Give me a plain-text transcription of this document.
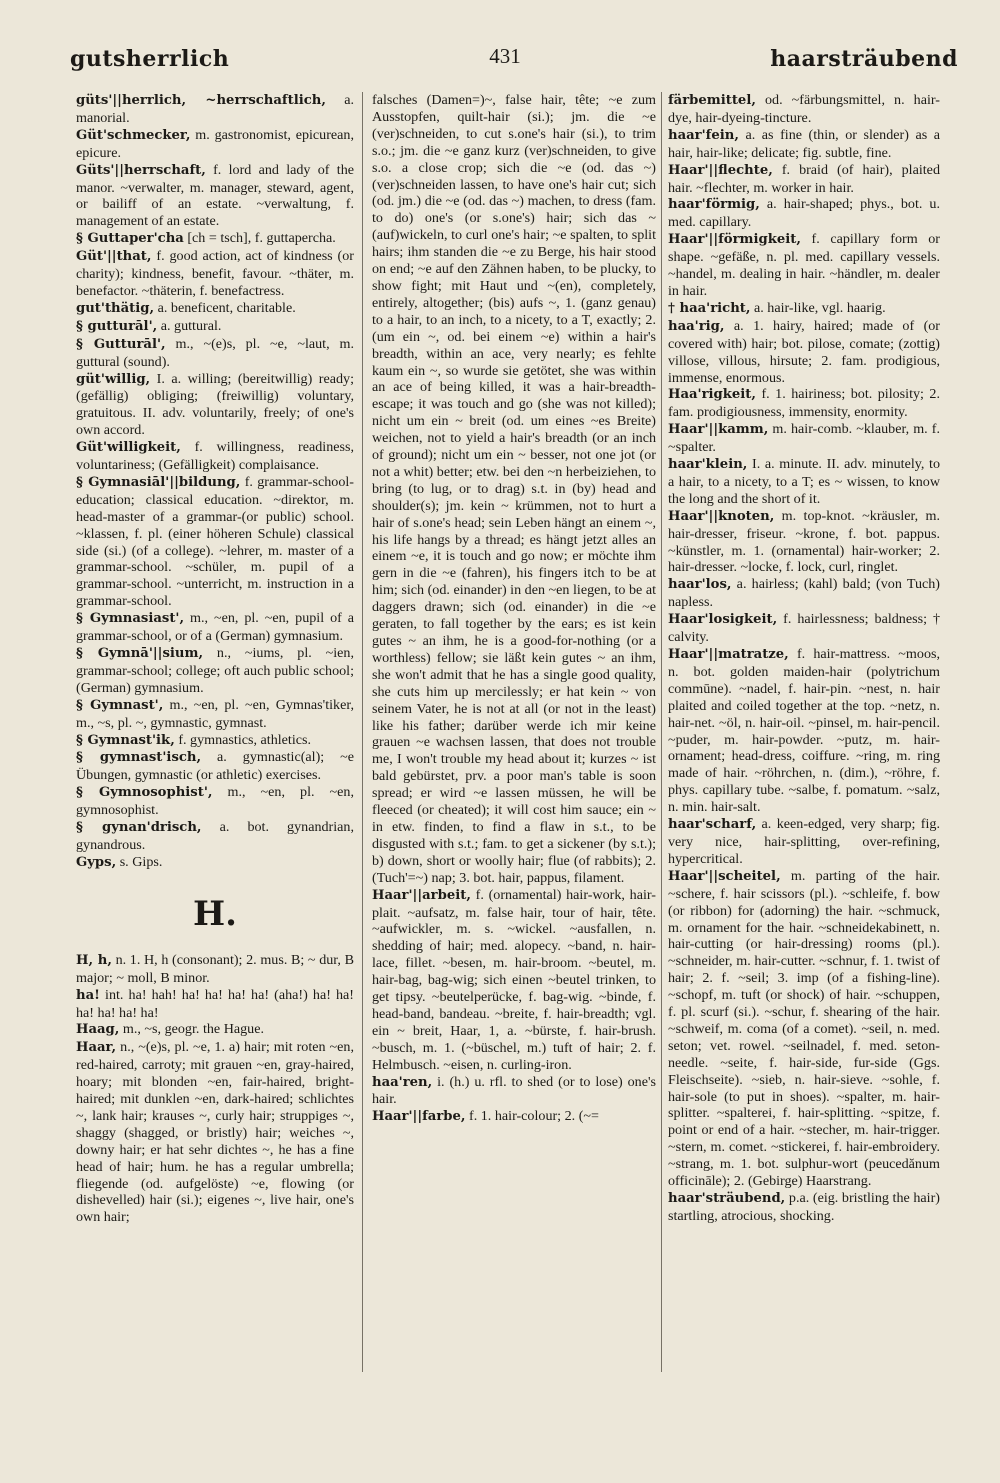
gutsherrlich	431	haarsträubend

güts'||herrlich, ~herrschaftlich, a. manorial.

Güt'schmecker, m. gastronomist, epicurean, epicure.

Güts'||herrschaft, f. lord and lady of the manor. ~verwalter, m. manager, steward, agent, or bailiff of an estate. ~verwaltung, f. management of an estate.

§ Guttaper'cha [ch = tsch], f. guttapercha.

Güt'||that, f. good action, act of kindness (or charity); kindness, benefit, favour. ~thäter, m. benefactor. ~thäterin, f. benefactress.

gut'thätig, a. beneficent, charitable.

§ gutturāl', a. guttural.

§ Gutturāl', m., ~(e)s, pl. ~e, ~laut, m. guttural (sound).

güt'willig, I. a. willing; (bereitwillig) ready; (gefällig) obliging; (freiwillig) voluntary, gratuitous. II. adv. voluntarily, freely; of one's own accord.

Güt'willigkeit, f. willingness, readiness, voluntariness; (Gefälligkeit) complaisance.

§ Gymnasiāl'||bildung, f. grammar-school-education; classical education. ~direktor, m. head-master of a grammar-(or public) school. ~klassen, f. pl. (einer höheren Schule) classical side (si.) (of a college). ~lehrer, m. master of a grammar-school. ~schüler, m. pupil of a grammar-school. ~unterricht, m. instruction in a grammar-school.

§ Gymnasiast', m., ~en, pl. ~en, pupil of a grammar-school, or of a (German) gymnasium.

§ Gymnā'||sium, n., ~iums, pl. ~ien, grammar-school; college; oft auch public school; (German) gymnasium.

§ Gymnast', m., ~en, pl. ~en, Gymnas'tiker, m., ~s, pl. ~, gymnastic, gymnast.

§ Gymnast'ik, f. gymnastics, athletics.

§ gymnast'isch, a. gymnastic(al); ~e Übungen, gymnastic (or athletic) exercises.

§ Gymnosophist', m., ~en, pl. ~en, gymnosophist.

§ gynan'drisch, a. bot. gynandrian, gynandrous.

Gyps, s. Gips.

H.

H, h, n. 1. H, h (consonant); 2. mus. B; ~ dur, B major; ~ moll, B minor.

ha! int. ha! hah! ha! ha! ha! ha! (aha!) ha! ha! ha! ha! ha! ha!

Haag, m., ~s, geogr. the Hague.

Haar, n., ~(e)s, pl. ~e, 1. a) hair; mit roten ~en, red-haired, carroty; mit grauen ~en, gray-haired, hoary; mit blonden ~en, fair-haired, bright-haired; mit dunklen ~en, dark-haired; schlichtes ~, lank hair; krauses ~, curly hair; struppiges ~, shaggy (shagged, or bristly) hair; weiches ~, downy hair; er hat sehr dichtes ~, he has a fine head of hair; hum. he has a regular umbrella; fliegende (od. aufgelöste) ~e, flowing (or dishevelled) hair (si.); eigenes ~, live hair, one's own hair;

falsches (Damen=)~, false hair, tête; ~e zum Ausstopfen, quilt-hair (si.); jm. die ~e (ver)schneiden, to cut s.one's hair (si.), to trim s.o.; jm. die ~e ganz kurz (ver)schneiden, to give s.o. a close crop; sich die ~e (od. das ~) (ver)schneiden lassen, to have one's hair cut; sich (od. jm.) die ~e (od. das ~) machen, to dress (fam. to do) one's (or s.one's) hair; sich das ~ (auf)wickeln, to curl one's hair; ~e spalten, to split hairs; ihm standen die ~e zu Berge, his hair stood on end; ~e auf den Zähnen haben, to be plucky, to show fight; mit Haut und ~(en), completely, entirely, altogether; (bis) aufs ~, 1. (ganz genau) to a hair, to an inch, to a nicety, to a T, exactly; 2. (um ein ~, od. bei einem ~e) within a hair's breadth, within an ace, very nearly; es fehlte kaum ein ~, so wurde sie getötet, she was within an ace of being killed, it was a hair-breadth-escape; it was touch and go (she was not killed); nicht um ein ~ breit (od. um eines ~es Breite) weichen, not to yield a hair's breadth (or an inch of ground); nicht um ein ~ besser, not one jot (or not a whit) better; etw. bei den ~n herbeiziehen, to bring (to lug, or to drag) s.t. in (by) head and shoulder(s); jm. kein ~ krümmen, not to hurt a hair of s.one's head; sein Leben hängt an einem ~, his life hangs by a thread; es hängt jetzt alles an einem ~e, it is touch and go now; er möchte ihm gern in die ~e (fahren), his fingers itch to be at him; sich (od. einander) in den ~en liegen, to be at daggers drawn; sich (od. einander) in die ~e geraten, to fall together by the ears; es ist kein gutes ~ an ihm, he is a good-for-nothing (or a worthless) fellow; sie läßt kein gutes ~ an ihm, she won't admit that he has a single good quality, she cuts him up mercilessly; er hat kein ~ von seinem Vater, he is not at all (or not in the least) like his father; darüber werde ich mir keine grauen ~e wachsen lassen, that does not trouble me, I won't trouble my head about it; kurzes ~ ist bald gebürstet, prv. a poor man's table is soon spread; er wird ~e lassen müssen, he will be fleeced (or cheated); it will cost him sauce; ein ~ in etw. finden, to find a flaw in s.t., to be disgusted with s.t.; fam. to get a sickener (by s.t.); b) down, short or woolly hair; flue (of rabbits); 2. (Tuch'=~) nap; 3. bot. hair, pappus, filament.

Haar'||arbeit, f. (ornamental) hair-work, hair-plait. ~aufsatz, m. false hair, tour of hair, tête. ~aufwickler, m. s. ~wickel. ~ausfallen, n. shedding of hair; med. alopecy. ~band, n. hair-lace, fillet. ~besen, m. hair-broom. ~beutel, m. hair-bag, bag-wig; sich einen ~beutel trinken, to get tipsy. ~beutelperücke, f. bag-wig. ~binde, f. head-band, bandeau. ~breite, f. hair-breadth; vgl. ein ~ breit, Haar, 1, a. ~bürste, f. hair-brush. ~busch, m. 1. (~büschel, m.) tuft of hair; 2. f. Helmbusch. ~eisen, n. curling-iron.

haa'ren, i. (h.) u. rfl. to shed (or to lose) one's hair.

Haar'||farbe, f. 1. hair-colour; 2. (~=

färbemittel, od. ~färbungsmittel, n. hair-dye, hair-dyeing-tincture.

haar'fein, a. as fine (thin, or slender) as a hair, hair-like; delicate; fig. subtle, fine.

Haar'||flechte, f. braid (of hair), plaited hair. ~flechter, m. worker in hair.

haar'förmig, a. hair-shaped; phys., bot. u. med. capillary.

Haar'||förmigkeit, f. capillary form or shape. ~gefäße, n. pl. med. capillary vessels. ~handel, m. dealing in hair. ~händler, m. dealer in hair.

† haa'richt, a. hair-like, vgl. haarig.

haa'rig, a. 1. hairy, haired; made of (or covered with) hair; bot. pilose, comate; (zottig) villose, villous, hirsute; 2. fam. prodigious, immense, enormous.

Haa'rigkeit, f. 1. hairiness; bot. pilosity; 2. fam. prodigiousness, immensity, enormity.

Haar'||kamm, m. hair-comb. ~klauber, m. f. ~spalter.

haar'klein, I. a. minute. II. adv. minutely, to a hair, to a nicety, to a T; es ~ wissen, to know the long and the short of it.

Haar'||knoten, m. top-knot. ~kräusler, m. hair-dresser, friseur. ~krone, f. bot. pappus. ~künstler, m. 1. (ornamental) hair-worker; 2. hair-dresser. ~locke, f. lock, curl, ringlet.

haar'los, a. hairless; (kahl) bald; (von Tuch) napless.

Haar'losigkeit, f. hairlessness; baldness; † calvity.

Haar'||matratze, f. hair-mattress. ~moos, n. bot. golden maiden-hair (polytrichum commūne). ~nadel, f. hair-pin. ~nest, n. hair plaited and coiled together at the top. ~netz, n. hair-net. ~öl, n. hair-oil. ~pinsel, m. hair-pencil. ~puder, m. hair-powder. ~putz, m. hair-ornament; head-dress, coiffure. ~ring, m. ring made of hair. ~röhrchen, n. (dim.), ~röhre, f. phys. capillary tube. ~salbe, f. pomatum. ~salz, n. min. hair-salt.

haar'scharf, a. keen-edged, very sharp; fig. very nice, hair-splitting, over-refining, hypercritical.

Haar'||scheitel, m. parting of the hair. ~schere, f. hair scissors (pl.). ~schleife, f. bow (or ribbon) for (adorning) the hair. ~schmuck, m. ornament for the hair. ~schneidekabinett, n. hair-cutting (or hair-dressing) rooms (pl.). ~schneider, m. hair-cutter. ~schnur, f. 1. twist of hair; 2. f. ~seil; 3. imp (of a fishing-line). ~schopf, m. tuft (or shock) of hair. ~schuppen, f. pl. scurf (si.). ~schur, f. shearing of the hair. ~schweif, m. coma (of a comet). ~seil, n. med. seton; vet. rowel. ~seilnadel, f. med. seton-needle. ~seite, f. hair-side, fur-side (Ggs. Fleischseite). ~sieb, n. hair-sieve. ~sohle, f. hair-sole (to put in shoes). ~spalter, m. hair-splitter. ~spalterei, f. hair-splitting. ~spitze, f. point or end of a hair. ~stecher, m. hair-trigger. ~stern, m. comet. ~stickerei, f. hair-embroidery. ~strang, m. 1. bot. sulphur-wort (peucedănum officināle); 2. (Gebirge) Haarstrang.

haar'sträubend, p.a. (eig. bristling the hair) startling, atrocious, shocking.
